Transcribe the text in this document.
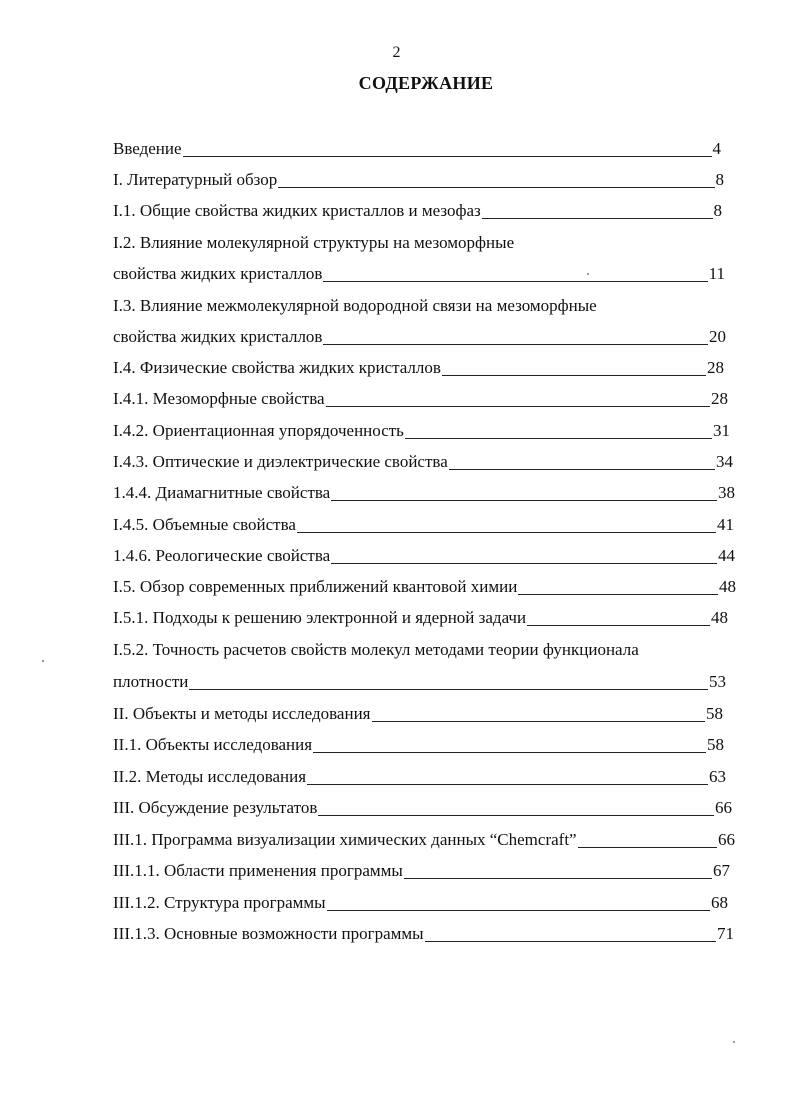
2
СОДЕРЖАНИЕ
Введение	4
I. Литературный обзор	8
I.1. Общие свойства жидких кристаллов и мезофаз	8
I.2. Влияние молекулярной структуры на мезоморфные
свойства жидких кристаллов	11
I.3. Влияние межмолекулярной водородной связи на мезоморфные
свойства жидких кристаллов	20
I.4. Физические свойства жидких кристаллов	28
I.4.1. Мезоморфные свойства	28
I.4.2. Ориентационная упорядоченность	31
I.4.3. Оптические и диэлектрические свойства	34
1.4.4. Диамагнитные свойства	38
I.4.5. Объемные свойства	41
1.4.6. Реологические свойства	44
I.5. Обзор современных приближений квантовой химии	48
I.5.1. Подходы к решению электронной и ядерной задачи	48
I.5.2. Точность расчетов свойств молекул методами теории функционала
плотности	53
II. Объекты и методы исследования	58
II.1. Объекты исследования	58
II.2. Методы исследования	63
III. Обсуждение результатов	66
III.1. Программа визуализации химических данных “Chemcraft”	66
III.1.1. Области применения программы	67
III.1.2. Структура программы	68
III.1.3. Основные возможности программы	71
